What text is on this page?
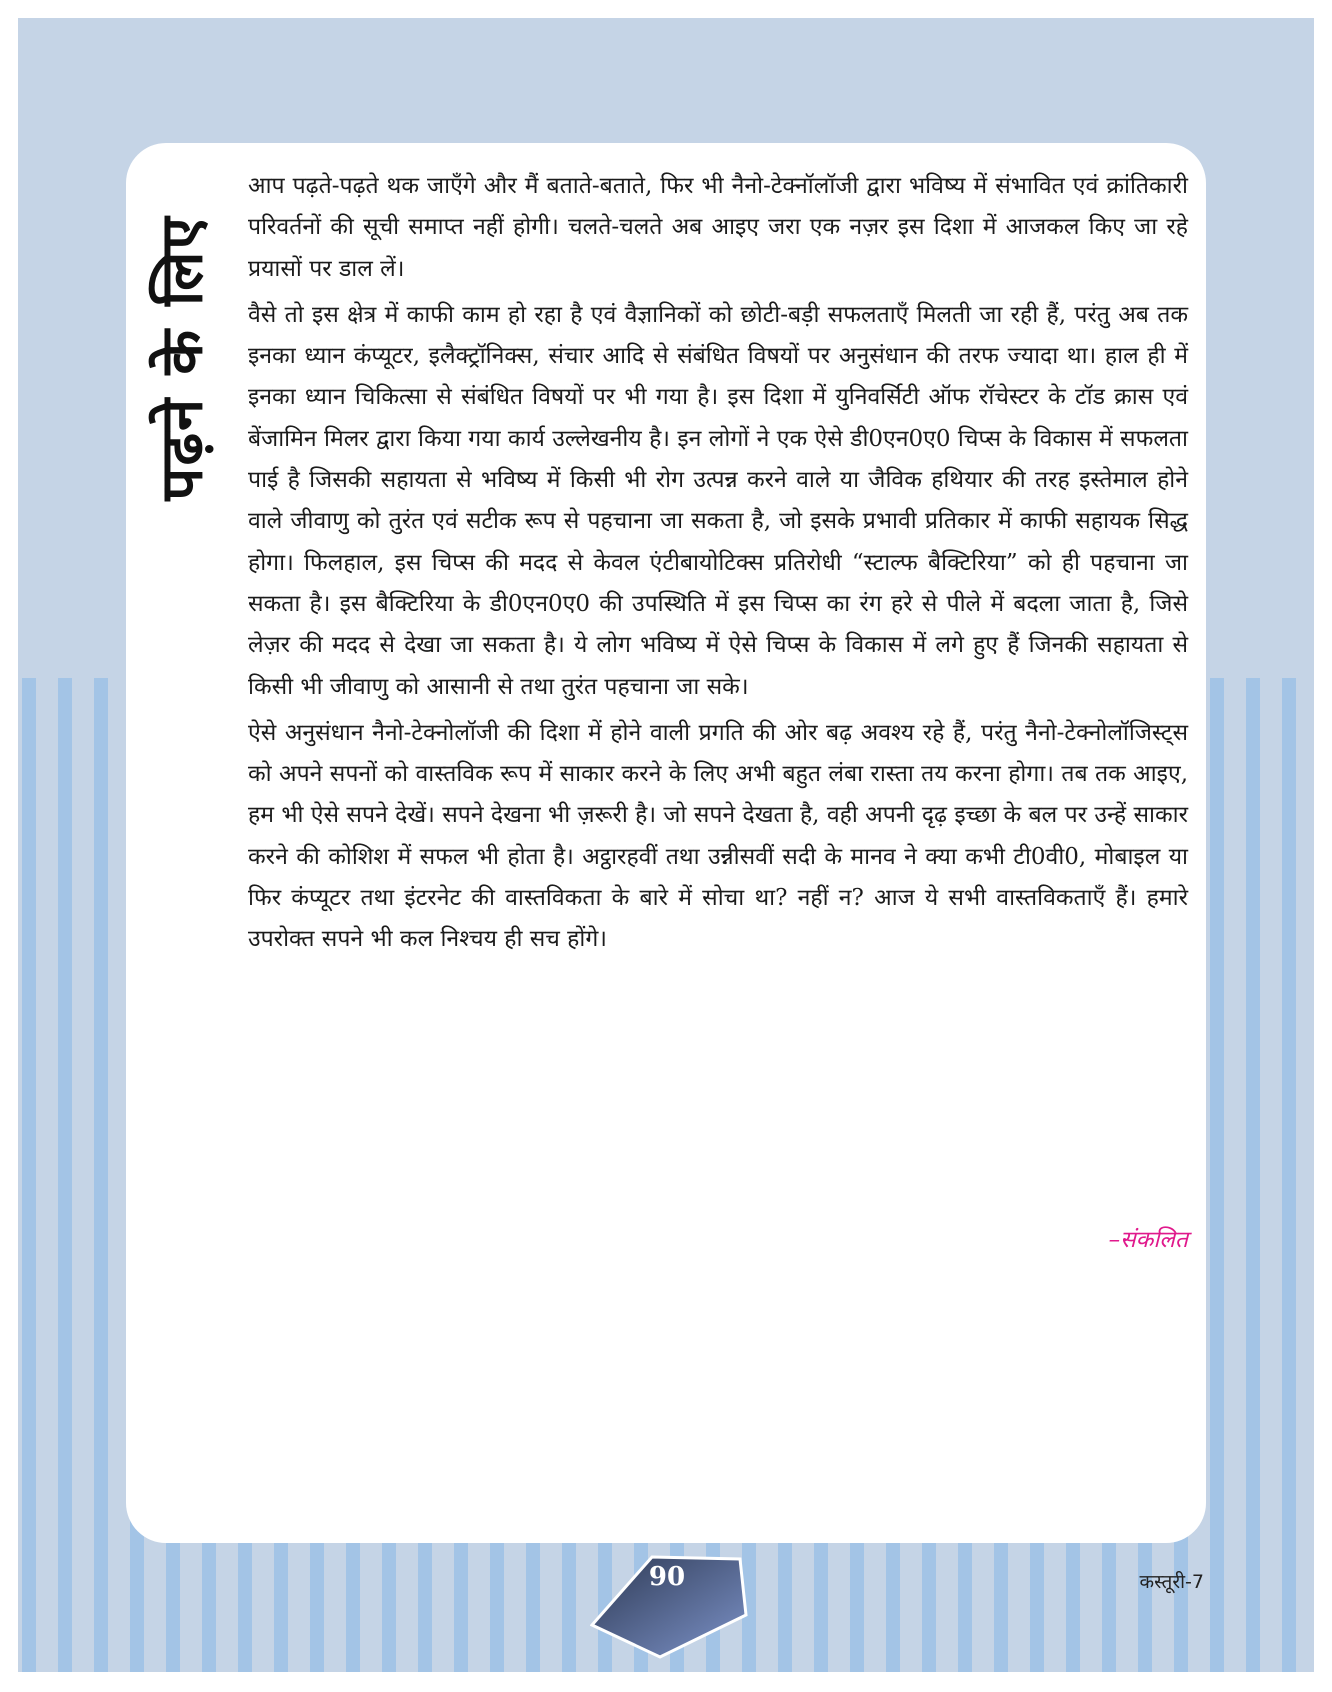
पढ़ने के लिए

आप पढ़ते-पढ़ते थक जाएँगे और मैं बताते-बताते, फिर भी नैनो-टेक्नॉलॉजी द्वारा भविष्य में संभावित एवं क्रांतिकारी परिवर्तनों की सूची समाप्त नहीं होगी। चलते-चलते अब आइए जरा एक नज़र इस दिशा में आजकल किए जा रहे प्रयासों पर डाल लें।

वैसे तो इस क्षेत्र में काफी काम हो रहा है एवं वैज्ञानिकों को छोटी-बड़ी सफलताएँ मिलती जा रही हैं, परंतु अब तक इनका ध्यान कंप्यूटर, इलैक्ट्रॉनिक्स, संचार आदि से संबंधित विषयों पर अनुसंधान की तरफ ज्यादा था। हाल ही में इनका ध्यान चिकित्सा से संबंधित विषयों पर भी गया है। इस दिशा में युनिवर्सिटी ऑफ रॉचेस्टर के टॉड क्रास एवं बेंजामिन मिलर द्वारा किया गया कार्य उल्लेखनीय है। इन लोगों ने एक ऐसे डी0एन0ए0 चिप्स के विकास में सफलता पाई है जिसकी सहायता से भविष्य में किसी भी रोग उत्पन्न करने वाले या जैविक हथियार की तरह इस्तेमाल होने वाले जीवाणु को तुरंत एवं सटीक रूप से पहचाना जा सकता है, जो इसके प्रभावी प्रतिकार में काफी सहायक सिद्ध होगा। फिलहाल, इस चिप्स की मदद से केवल एंटीबायोटिक्स प्रतिरोधी “स्टाल्फ बैक्टिरिया” को ही पहचाना जा सकता है। इस बैक्टिरिया के डी0एन0ए0 की उपस्थिति में इस चिप्स का रंग हरे से पीले में बदला जाता है, जिसे लेज़र की मदद से देखा जा सकता है। ये लोग भविष्य में ऐसे चिप्स के विकास में लगे हुए हैं जिनकी सहायता से किसी भी जीवाणु को आसानी से तथा तुरंत पहचाना जा सके।

ऐसे अनुसंधान नैनो-टेक्नोलॉजी की दिशा में होने वाली प्रगति की ओर बढ़ अवश्य रहे हैं, परंतु नैनो-टेक्नोलॉजिस्ट्स को अपने सपनों को वास्तविक रूप में साकार करने के लिए अभी बहुत लंबा रास्ता तय करना होगा। तब तक आइए, हम भी ऐसे सपने देखें। सपने देखना भी ज़रूरी है। जो सपने देखता है, वही अपनी दृढ़ इच्छा के बल पर उन्हें साकार करने की कोशिश में सफल भी होता है। अट्ठारहवीं तथा उन्नीसवीं सदी के मानव ने क्या कभी टी0वी0, मोबाइल या फिर कंप्यूटर तथा इंटरनेट की वास्तविकता के बारे में सोचा था? नहीं न? आज ये सभी वास्तविकताएँ हैं। हमारे उपरोक्त सपने भी कल निश्चय ही सच होंगे।

–संकलित
कस्तूरी-7
90
